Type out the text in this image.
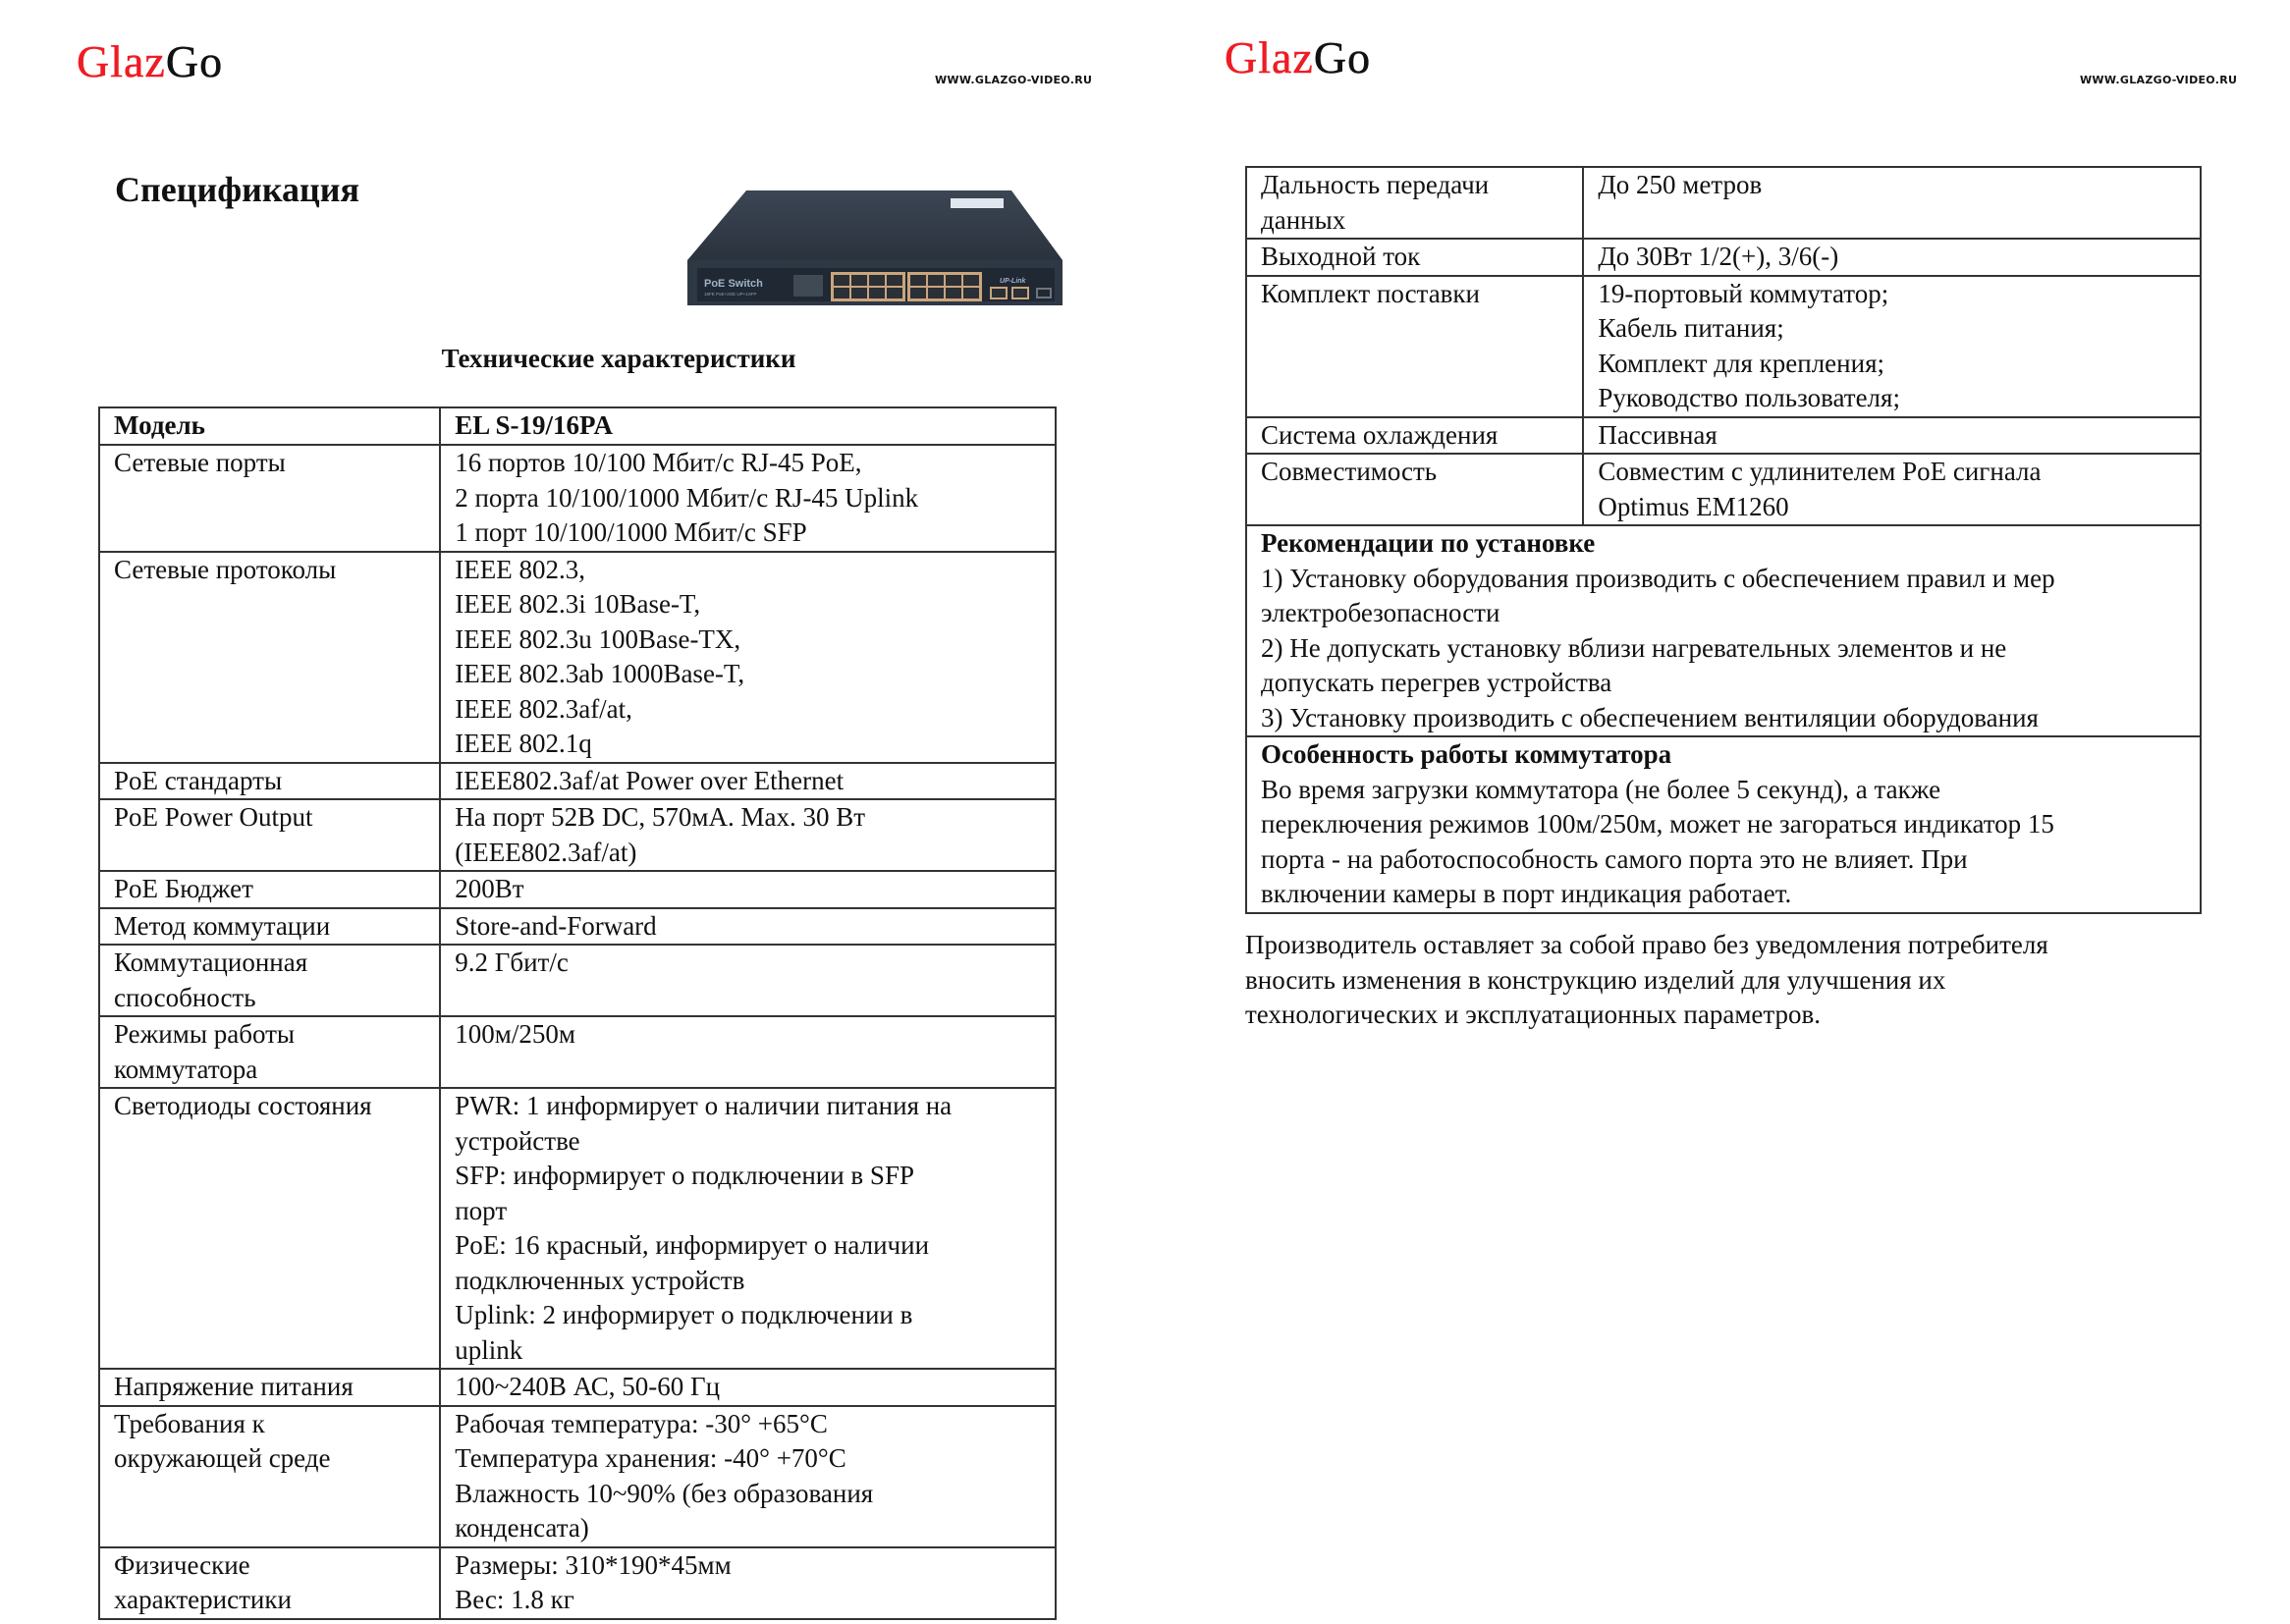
GlazGo	WWW.GLAZGO-VIDEO.RU
Спецификация
PoE Switch
16FE PoE+2GE UP+1SFP
UP-Link
Технические характеристики
Модель	EL S-19/16PA

Сетевые порты	16 портов 10/100 Мбит/с RJ-45 PoE,
2 порта 10/100/1000 Мбит/с RJ-45 Uplink
1 порт 10/100/1000 Мбит/с SFP

Сетевые протоколы	IEEE 802.3,
IEEE 802.3i 10Base-T,
IEEE 802.3u 100Base-TX,
IEEE 802.3ab 1000Base-T,
IEEE 802.3af/at,
IEEE 802.1q

PoE стандарты	IEEE802.3af/at Power over Ethernet

PoE Power Output	На порт 52В DC, 570мА. Max. 30 Вт
(IEEE802.3af/at)

PoE Бюджет	200Вт

Метод коммутации	Store-and-Forward

Коммутационная
способность	9.2 Гбит/с

Режимы работы
коммутатора	100м/250м

Светодиоды состояния	PWR: 1 информирует о наличии питания на
устройстве
SFP: информирует о подключении в SFP
порт
PoE: 16 красный, информирует о наличии
подключенных устройств
Uplink: 2 информирует о подключении в
uplink

Напряжение питания	100~240В АС, 50-60 Гц

Требования к
окружающей среде	Рабочая температура: -30° +65°C
Температура хранения: -40° +70°C
Влажность 10~90% (без образования
конденсата)

Физические
характеристики	Размеры: 310*190*45мм
Вес: 1.8 кг
GlazGo	WWW.GLAZGO-VIDEO.RU
Дальность передачи
данных	До 250 метров

Выходной ток	До 30Вт 1/2(+), 3/6(-)

Комплект поставки	19-портовый коммутатор;
Кабель питания;
Комплект для крепления;
Руководство пользователя;

Система охлаждения	Пассивная

Совместимость	Совместим с удлинителем PoE сигнала
Optimus EM1260

Рекомендации по установке
1) Установку оборудования производить с обеспечением правил и мер
электробезопасности
2) Не допускать установку вблизи нагревательных элементов и не
допускать перегрев устройства
3) Установку производить с обеспечением вентиляции оборудования

Особенность работы коммутатора
Во время загрузки коммутатора (не более 5 секунд), а также
переключения режимов 100м/250м, может не загораться индикатор 15
порта - на работоспособность самого порта это не влияет. При
включении камеры в порт индикация работает.	

Производитель оставляет за собой право без уведомления потребителя
вносить изменения в конструкцию изделий для улучшения их
технологических и эксплуатационных параметров.
